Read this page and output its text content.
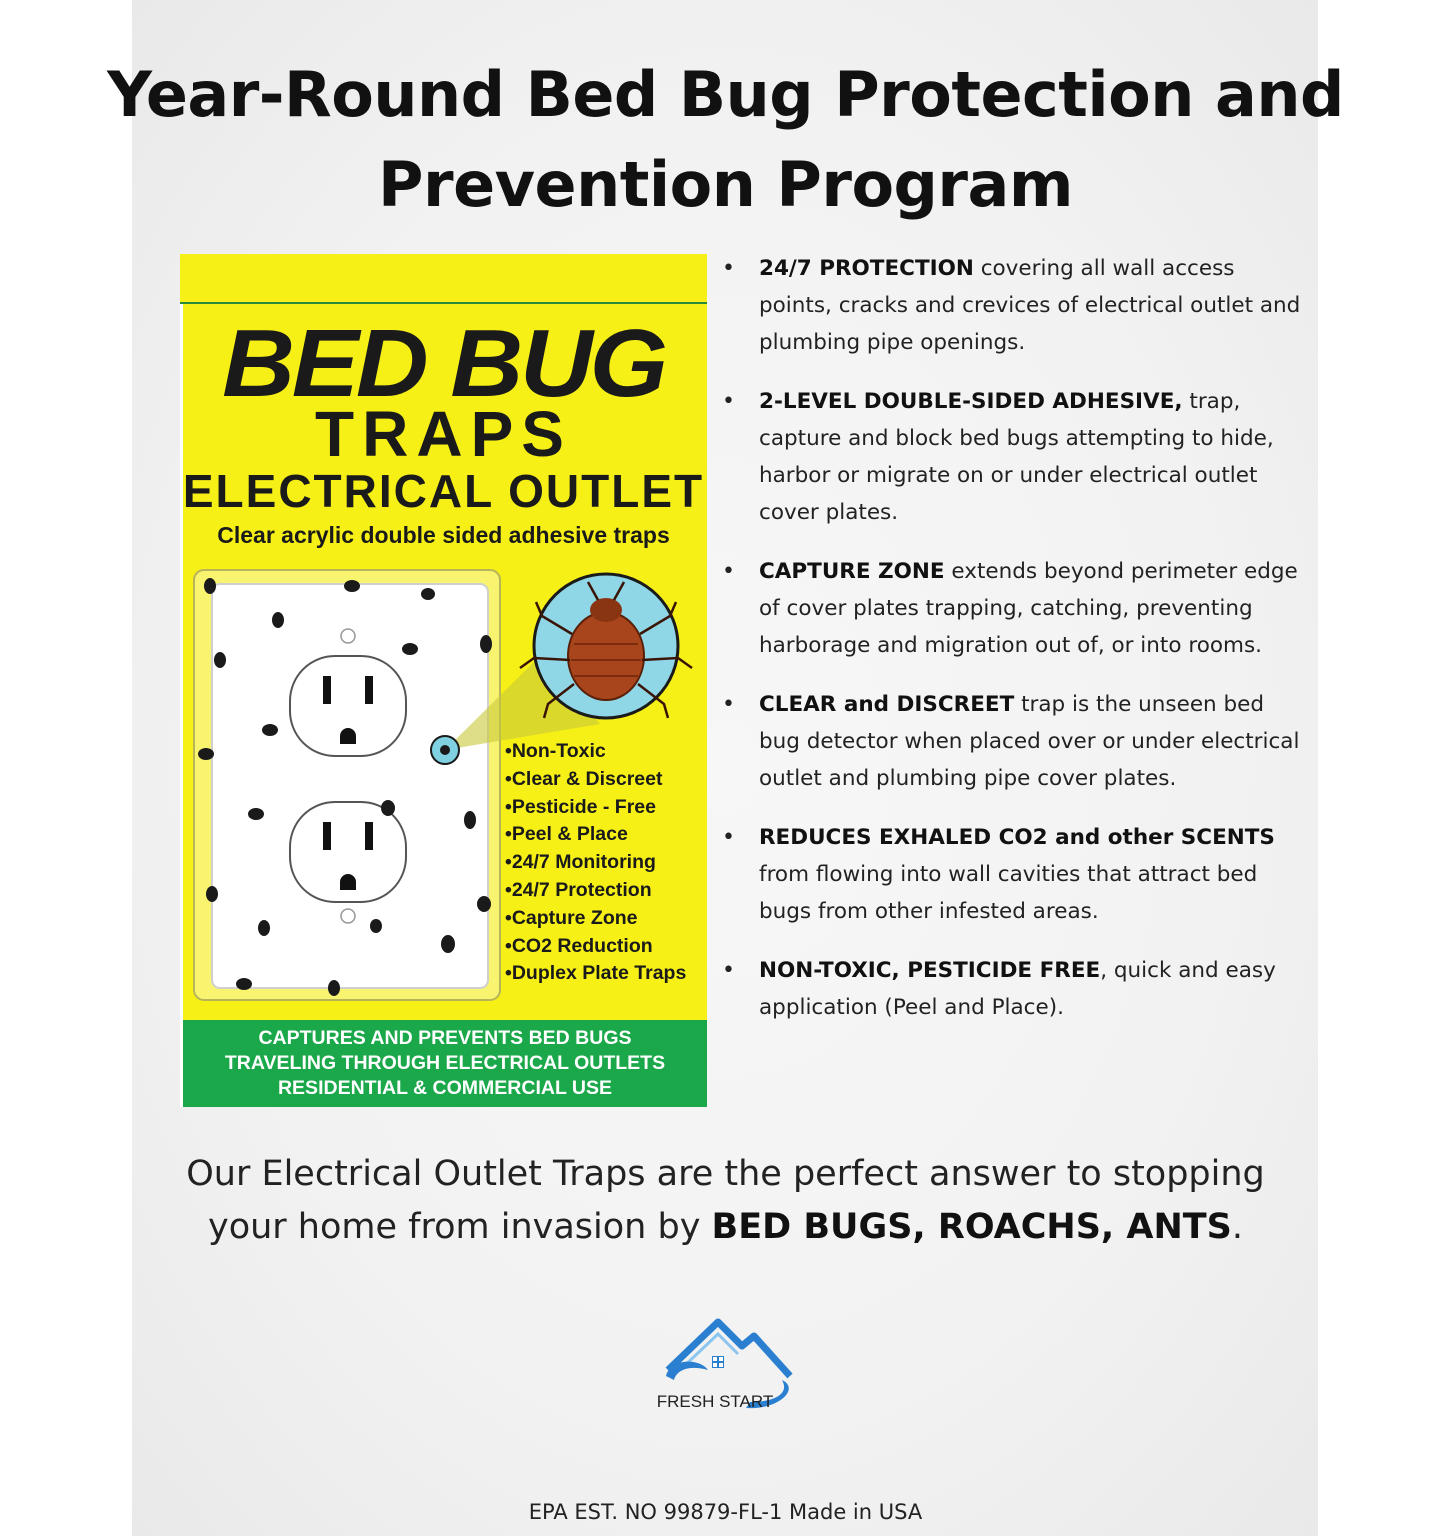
Year-Round Bed Bug Protection and
Prevention Program
BED BUG
TRAPS
ELECTRICAL OUTLET
Clear acrylic double sided adhesive traps
• Non-Toxic
• Clear & Discreet
• Pesticide - Free
• Peel & Place
• 24/7 Monitoring
• 24/7 Protection
• Capture Zone
• CO2 Reduction
• Duplex Plate Traps
CAPTURES AND PREVENTS BED BUGS
TRAVELING THROUGH ELECTRICAL OUTLETS
RESIDENTIAL & COMMERCIAL USE
• 24/7 PROTECTION covering all wall access points, cracks and crevices of electrical outlet and plumbing pipe openings.
• 2-LEVEL DOUBLE-SIDED ADHESIVE, trap, capture and block bed bugs attempting to hide, harbor or migrate on or under electrical outlet cover plates.
• CAPTURE ZONE extends beyond perimeter edge of cover plates trapping, catching, preventing harborage and migration out of, or into rooms.
• CLEAR and DISCREET trap is the unseen bed bug detector when placed over or under electrical outlet and plumbing pipe cover plates.
• REDUCES EXHALED CO2 and other SCENTS from flowing into wall cavities that attract bed bugs from other infested areas.
• NON-TOXIC, PESTICIDE FREE, quick and easy application (Peel and Place).
Our Electrical Outlet Traps are the perfect answer to stopping
your home from invasion by BED BUGS, ROACHS, ANTS.
FRESH START
EPA EST. NO 99879-FL-1 Made in USA
